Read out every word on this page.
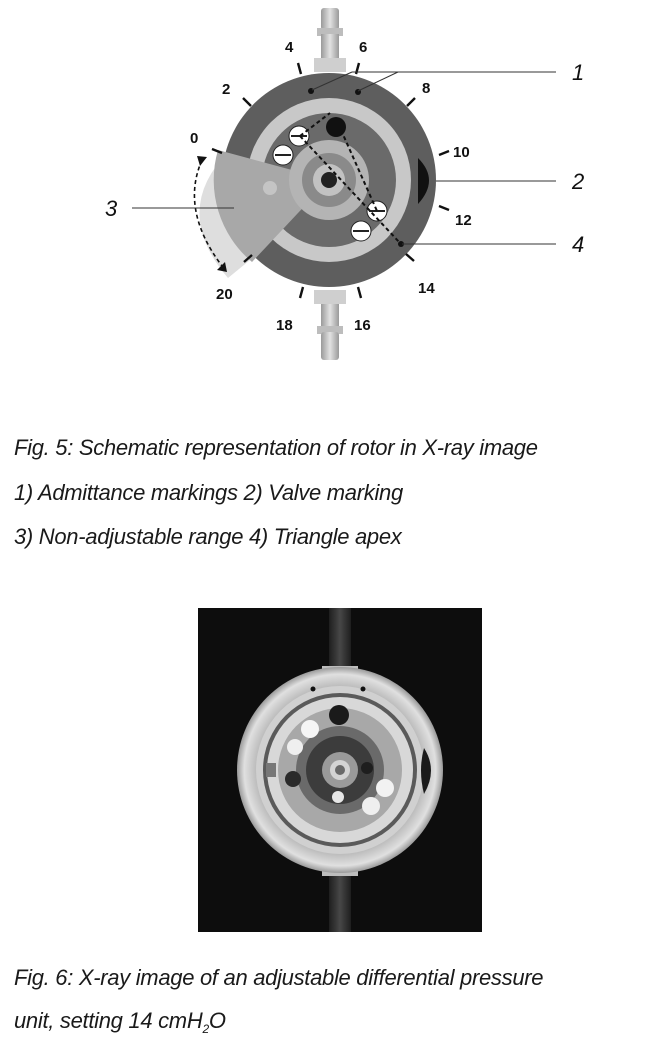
0
2
4	6
8
10
12
14
16
18
20
1
2
3
4
Fig. 5: Schematic representation of rotor in X-ray image
1) Admittance markings 2) Valve marking
3) Non-adjustable range 4) Triangle apex
Fig. 6: X-ray image of an adjustable differential pressure
unit, setting 14 cmH$_2$O
